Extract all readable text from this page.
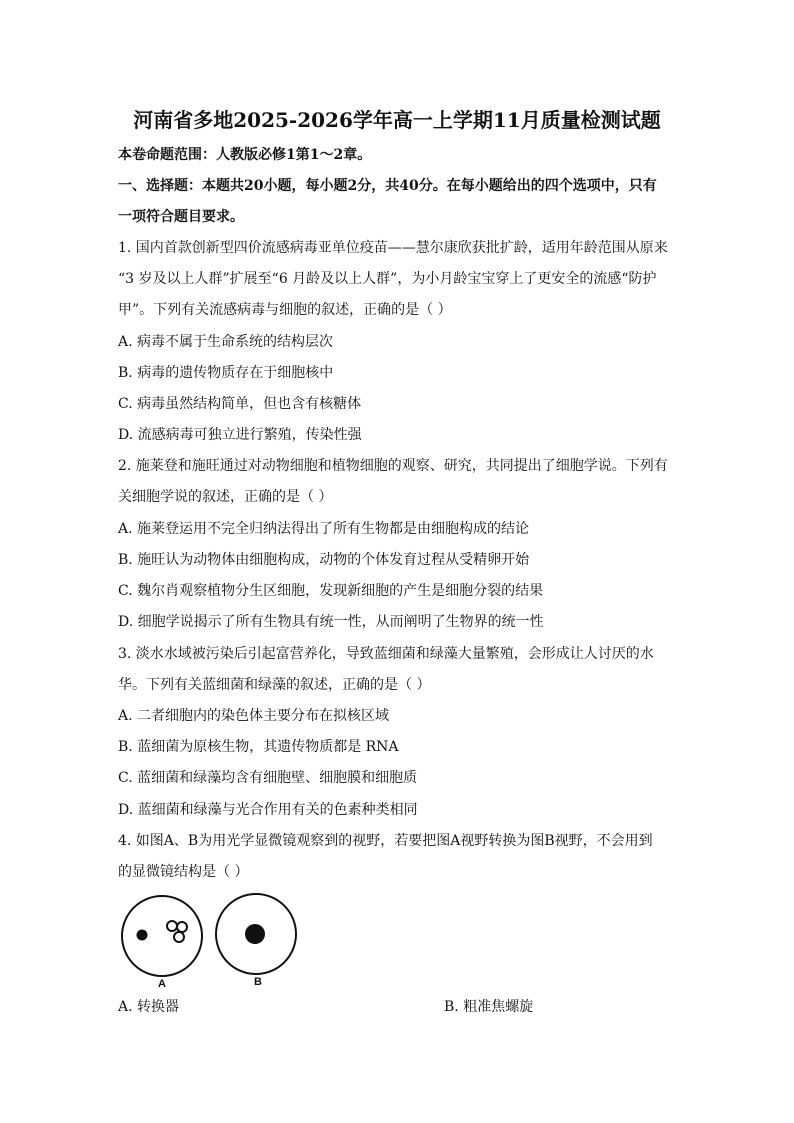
河南省多地2025-2026学年高一上学期11月质量检测试题
本卷命题范围：人教版必修1第1～2章。
一、选择题：本题共20小题，每小题2分，共40分。在每小题给出的四个选项中，只有
一项符合题目要求。
1. 国内首款创新型四价流感病毒亚单位疫苗——慧尔康欣获批扩龄，适用年龄范围从原来
“3 岁及以上人群”扩展至“6 月龄及以上人群”，为小月龄宝宝穿上了更安全的流感“防护
甲”。下列有关流感病毒与细胞的叙述，正确的是（ ）
A. 病毒不属于生命系统的结构层次
B. 病毒的遗传物质存在于细胞核中
C. 病毒虽然结构简单，但也含有核糖体
D. 流感病毒可独立进行繁殖，传染性强
2. 施莱登和施旺通过对动物细胞和植物细胞的观察、研究，共同提出了细胞学说。下列有
关细胞学说的叙述，正确的是（ ）
A. 施莱登运用不完全归纳法得出了所有生物都是由细胞构成的结论
B. 施旺认为动物体由细胞构成，动物的个体发育过程从受精卵开始
C. 魏尔肖观察植物分生区细胞，发现新细胞的产生是细胞分裂的结果
D. 细胞学说揭示了所有生物具有统一性，从而阐明了生物界的统一性
3. 淡水水域被污染后引起富营养化，导致蓝细菌和绿藻大量繁殖，会形成让人讨厌的水
华。下列有关蓝细菌和绿藻的叙述，正确的是（ ）
A. 二者细胞内的染色体主要分布在拟核区域
B. 蓝细菌为原核生物，其遗传物质都是 RNA
C. 蓝细菌和绿藻均含有细胞壁、细胞膜和细胞质
D. 蓝细菌和绿藻与光合作用有关的色素种类相同
4. 如图A、B为用光学显微镜观察到的视野，若要把图A视野转换为图B视野，不会用到
的显微镜结构是（ ）
A	B
A. 转换器	B. 粗准焦螺旋
